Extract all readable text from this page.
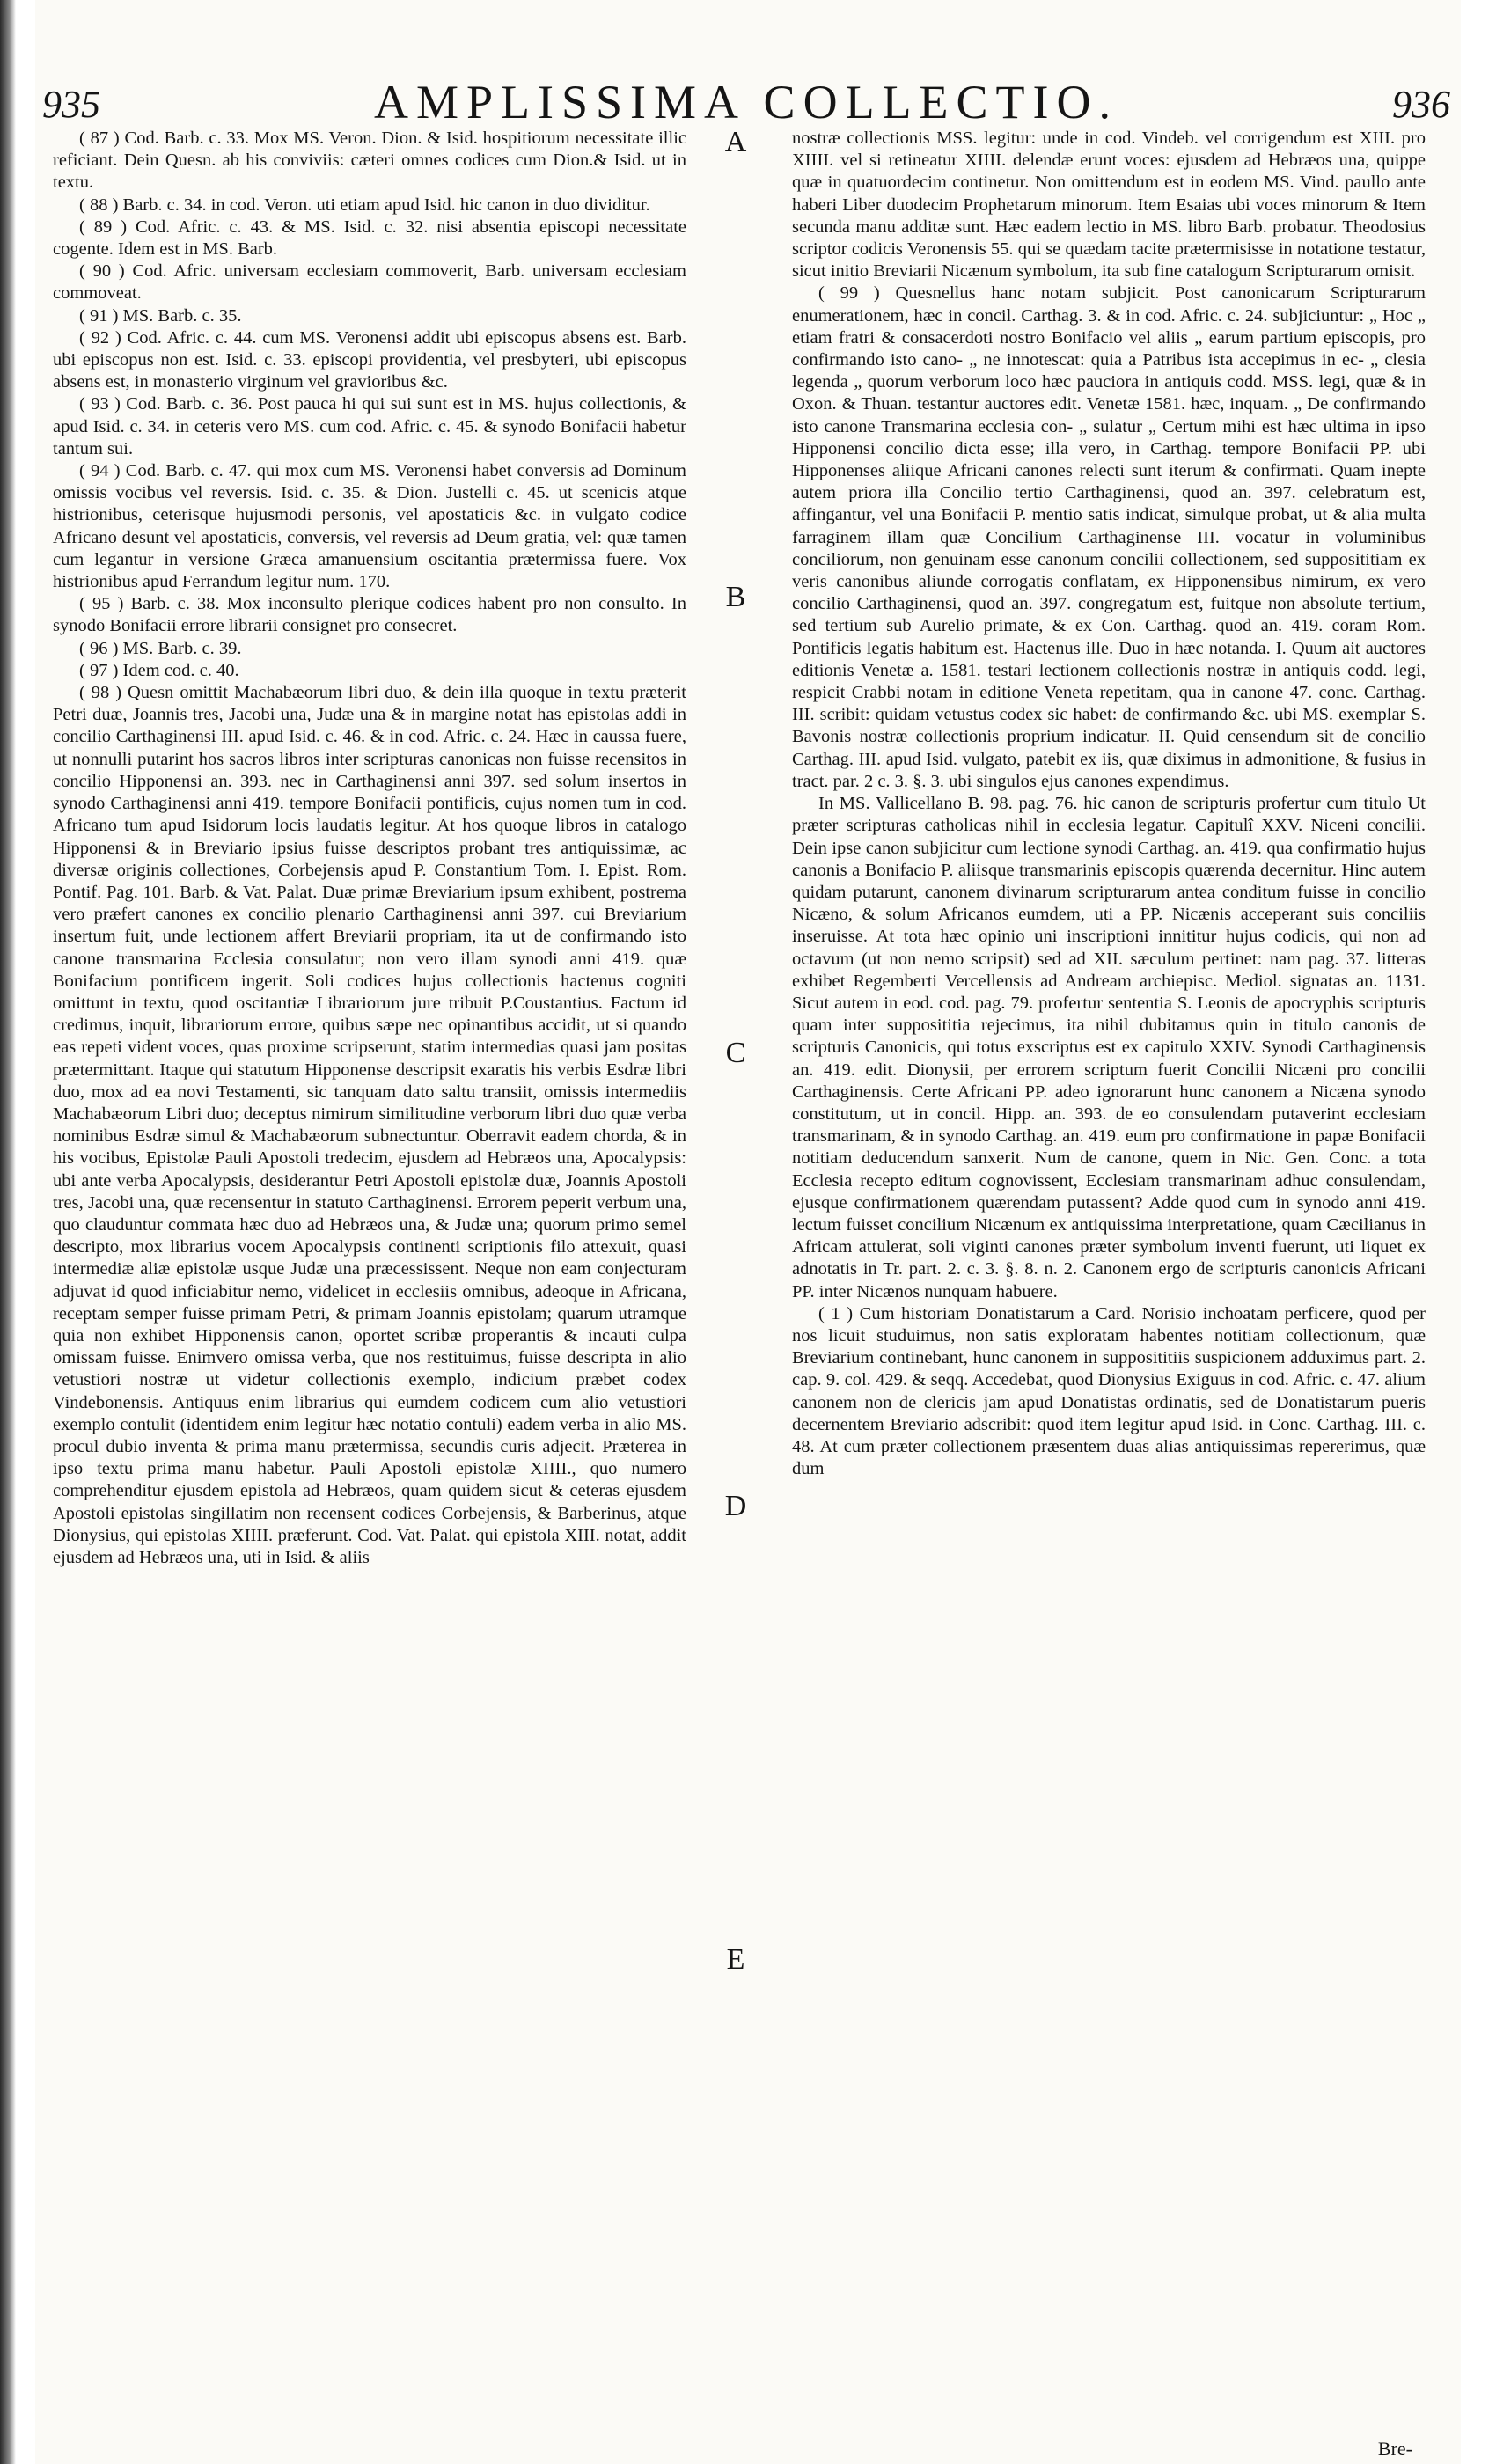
935	AMPLISSIMA COLLECTIO.	936

( 87 ) Cod. Barb. c. 33. Mox MS. Veron. Dion. & Isid. hospitiorum necessitate illic reficiant. Dein Quesn. ab his conviviis: cæteri omnes codices cum Dion.& Isid. ut in textu.

( 88 ) Barb. c. 34. in cod. Veron. uti etiam apud Isid. hic canon in duo dividitur.

( 89 ) Cod. Afric. c. 43. & MS. Isid. c. 32. nisi absentia episcopi necessitate cogente. Idem est in MS. Barb.

( 90 ) Cod. Afric. universam ecclesiam commoverit, Barb. universam ecclesiam commoveat.

( 91 ) MS. Barb. c. 35.

( 92 ) Cod. Afric. c. 44. cum MS. Veronensi addit ubi episcopus absens est. Barb. ubi episcopus non est. Isid. c. 33. episcopi providentia, vel presbyteri, ubi episcopus absens est, in monasterio virginum vel gravioribus &c.

( 93 ) Cod. Barb. c. 36. Post pauca hi qui sui sunt est in MS. hujus collectionis, & apud Isid. c. 34. in ceteris vero MS. cum cod. Afric. c. 45. & synodo Bonifacii habetur tantum sui.

( 94 ) Cod. Barb. c. 47. qui mox cum MS. Veronensi habet conversis ad Dominum omissis vocibus vel reversis. Isid. c. 35. & Dion. Justelli c. 45. ut scenicis atque histrionibus, ceterisque hujusmodi personis, vel apostaticis &c. in vulgato codice Africano desunt vel apostaticis, conversis, vel reversis ad Deum gratia, vel: quæ tamen cum legantur in versione Græca amanuensium oscitantia prætermissa fuere. Vox histrionibus apud Ferrandum legitur num. 170.

( 95 ) Barb. c. 38. Mox inconsulto plerique codices habent pro non consulto. In synodo Bonifacii errore librarii consignet pro consecret.

( 96 ) MS. Barb. c. 39.

( 97 ) Idem cod. c. 40.

( 98 ) Quesn omittit Machabæorum libri duo, & dein illa quoque in textu præterit Petri duæ, Joannis tres, Jacobi una, Judæ una & in margine notat has epistolas addi in concilio Carthaginensi III. apud Isid. c. 46. & in cod. Afric. c. 24. Hæc in caussa fuere, ut nonnulli putarint hos sacros libros inter scripturas canonicas non fuisse recensitos in concilio Hipponensi an. 393. nec in Carthaginensi anni 397. sed solum insertos in synodo Carthaginensi anni 419. tempore Bonifacii pontificis, cujus nomen tum in cod. Africano tum apud Isidorum locis laudatis legitur. At hos quoque libros in catalogo Hipponensi & in Breviario ipsius fuisse descriptos probant tres antiquissimæ, ac diversæ originis collectiones, Corbejensis apud P. Constantium Tom. I. Epist. Rom. Pontif. Pag. 101. Barb. & Vat. Palat. Duæ primæ Breviarium ipsum exhibent, postrema vero præfert canones ex concilio plenario Carthaginensi anni 397. cui Breviarium insertum fuit, unde lectionem affert Breviarii propriam, ita ut de confirmando isto canone transmarina Ecclesia consulatur; non vero illam synodi anni 419. quæ Bonifacium pontificem ingerit. Soli codices hujus collectionis hactenus cogniti omittunt in textu, quod oscitantiæ Librariorum jure tribuit P.Coustantius. Factum id credimus, inquit, librariorum errore, quibus sæpe nec opinantibus accidit, ut si quando eas repeti vident voces, quas proxime scripserunt, statim intermedias quasi jam positas prætermittant. Itaque qui statutum Hipponense descripsit exaratis his verbis Esdræ libri duo, mox ad ea novi Testamenti, sic tanquam dato saltu transiit, omissis intermediis Machabæorum Libri duo; deceptus nimirum similitudine verborum libri duo quæ verba nominibus Esdræ simul & Machabæorum subnectuntur. Oberravit eadem chorda, & in his vocibus, Epistolæ Pauli Apostoli tredecim, ejusdem ad Hebræos una, Apocalypsis: ubi ante verba Apocalypsis, desiderantur Petri Apostoli epistolæ duæ, Joannis Apostoli tres, Jacobi una, quæ recensentur in statuto Carthaginensi. Errorem peperit verbum una, quo clauduntur commata hæc duo ad Hebræos una, & Judæ una; quorum primo semel descripto, mox librarius vocem Apocalypsis continenti scriptionis filo attexuit, quasi intermediæ aliæ epistolæ usque Judæ una præcessissent. Neque non eam conjecturam adjuvat id quod inficiabitur nemo, videlicet in ecclesiis omnibus, adeoque in Africana, receptam semper fuisse primam Petri, & primam Joannis epistolam; quarum utramque quia non exhibet Hipponensis canon, oportet scribæ properantis & incauti culpa omissam fuisse. Enimvero omissa verba, que nos restituimus, fuisse descripta in alio vetustiori nostræ ut videtur collectionis exemplo, indicium præbet codex Vindebonensis. Antiquus enim librarius qui eumdem codicem cum alio vetustiori exemplo contulit (identidem enim legitur hæc notatio contuli) eadem verba in alio MS. procul dubio inventa & prima manu prætermissa, secundis curis adjecit. Præterea in ipso textu prima manu habetur. Pauli Apostoli epistolæ XIIII., quo numero comprehenditur ejusdem epistola ad Hebræos, quam quidem sicut & ceteras ejusdem Apostoli epistolas singillatim non recensent codices Corbejensis, & Barberinus, atque Dionysius, qui epistolas XIIII. præferunt. Cod. Vat. Palat. qui epistola XIII. notat, addit ejusdem ad Hebræos una, uti in Isid. & aliis

A
B
C
D
E

nostræ collectionis MSS. legitur: unde in cod. Vindeb. vel corrigendum est XIII. pro XIIII. vel si retineatur XIIII. delendæ erunt voces: ejusdem ad Hebræos una, quippe quæ in quatuordecim continetur. Non omittendum est in eodem MS. Vind. paullo ante haberi Liber duodecim Prophetarum minorum. Item Esaias ubi voces minorum & Item secunda manu additæ sunt. Hæc eadem lectio in MS. libro Barb. probatur. Theodosius scriptor codicis Veronensis 55. qui se quædam tacite prætermisisse in notatione testatur, sicut initio Breviarii Nicænum symbolum, ita sub fine catalogum Scripturarum omisit.

( 99 ) Quesnellus hanc notam subjicit. Post canonicarum Scripturarum enumerationem, hæc in concil. Carthag. 3. & in cod. Afric. c. 24. subjiciuntur: „ Hoc „ etiam fratri & consacerdoti nostro Bonifacio vel aliis „ earum partium episcopis, pro confirmando isto cano- „ ne innotescat: quia a Patribus ista accepimus in ec- „ clesia legenda „ quorum verborum loco hæc pauciora in antiquis codd. MSS. legi, quæ & in Oxon. & Thuan. testantur auctores edit. Venetæ 1581. hæc, inquam. „ De confirmando isto canone Transmarina ecclesia con- „ sulatur „ Certum mihi est hæc ultima in ipso Hipponensi concilio dicta esse; illa vero, in Carthag. tempore Bonifacii PP. ubi Hipponenses aliique Africani canones relecti sunt iterum & confirmati. Quam inepte autem priora illa Concilio tertio Carthaginensi, quod an. 397. celebratum est, affingantur, vel una Bonifacii P. mentio satis indicat, simulque probat, ut & alia multa farraginem illam quæ Concilium Carthaginense III. vocatur in voluminibus conciliorum, non genuinam esse canonum concilii collectionem, sed supposititiam ex veris canonibus aliunde corrogatis conflatam, ex Hipponensibus nimirum, ex vero concilio Carthaginensi, quod an. 397. congregatum est, fuitque non absolute tertium, sed tertium sub Aurelio primate, & ex Con. Carthag. quod an. 419. coram Rom. Pontificis legatis habitum est. Hactenus ille. Duo in hæc notanda. I. Quum ait auctores editionis Venetæ a. 1581. testari lectionem collectionis nostræ in antiquis codd. legi, respicit Crabbi notam in editione Veneta repetitam, qua in canone 47. conc. Carthag. III. scribit: quidam vetustus codex sic habet: de confirmando &c. ubi MS. exemplar S. Bavonis nostræ collectionis proprium indicatur. II. Quid censendum sit de concilio Carthag. III. apud Isid. vulgato, patebit ex iis, quæ diximus in admonitione, & fusius in tract. par. 2 c. 3. §. 3. ubi singulos ejus canones expendimus.

In MS. Vallicellano B. 98. pag. 76. hic canon de scripturis profertur cum titulo Ut præter scripturas catholicas nihil in ecclesia legatur. Capitulî XXV. Niceni concilii. Dein ipse canon subjicitur cum lectione synodi Carthag. an. 419. qua confirmatio hujus canonis a Bonifacio P. aliisque transmarinis episcopis quærenda decernitur. Hinc autem quidam putarunt, canonem divinarum scripturarum antea conditum fuisse in concilio Nicæno, & solum Africanos eumdem, uti a PP. Nicænis acceperant suis conciliis inseruisse. At tota hæc opinio uni inscriptioni innititur hujus codicis, qui non ad octavum (ut non nemo scripsit) sed ad XII. sæculum pertinet: nam pag. 37. litteras exhibet Regemberti Vercellensis ad Andream archiepisc. Mediol. signatas an. 1131. Sicut autem in eod. cod. pag. 79. profertur sententia S. Leonis de apocryphis scripturis quam inter supposititia rejecimus, ita nihil dubitamus quin in titulo canonis de scripturis Canonicis, qui totus exscriptus est ex capitulo XXIV. Synodi Carthaginensis an. 419. edit. Dionysii, per errorem scriptum fuerit Concilii Nicæni pro concilii Carthaginensis. Certe Africani PP. adeo ignorarunt hunc canonem a Nicæna synodo constitutum, ut in concil. Hipp. an. 393. de eo consulendam putaverint ecclesiam transmarinam, & in synodo Carthag. an. 419. eum pro confirmatione in papæ Bonifacii notitiam deducendum sanxerit. Num de canone, quem in Nic. Gen. Conc. a tota Ecclesia recepto editum cognovissent, Ecclesiam transmarinam adhuc consulendam, ejusque confirmationem quærendam putassent? Adde quod cum in synodo anni 419. lectum fuisset concilium Nicænum ex antiquissima interpretatione, quam Cæcilianus in Africam attulerat, soli viginti canones præter symbolum inventi fuerunt, uti liquet ex adnotatis in Tr. part. 2. c. 3. §. 8. n. 2. Canonem ergo de scripturis canonicis Africani PP. inter Nicænos nunquam habuere.

( 1 ) Cum historiam Donatistarum a Card. Norisio inchoatam perficere, quod per nos licuit studuimus, non satis exploratam habentes notitiam collectionum, quæ Breviarium continebant, hunc canonem in supposititiis suspicionem adduximus part. 2. cap. 9. col. 429. & seqq. Accedebat, quod Dionysius Exiguus in cod. Afric. c. 47. alium canonem non de clericis jam apud Donatistas ordinatis, sed de Donatistarum pueris decernentem Breviario adscribit: quod item legitur apud Isid. in Conc. Carthag. III. c. 48. At cum præter collectionem præsentem duas alias antiquissimas repererimus, quæ dum

Bre-
